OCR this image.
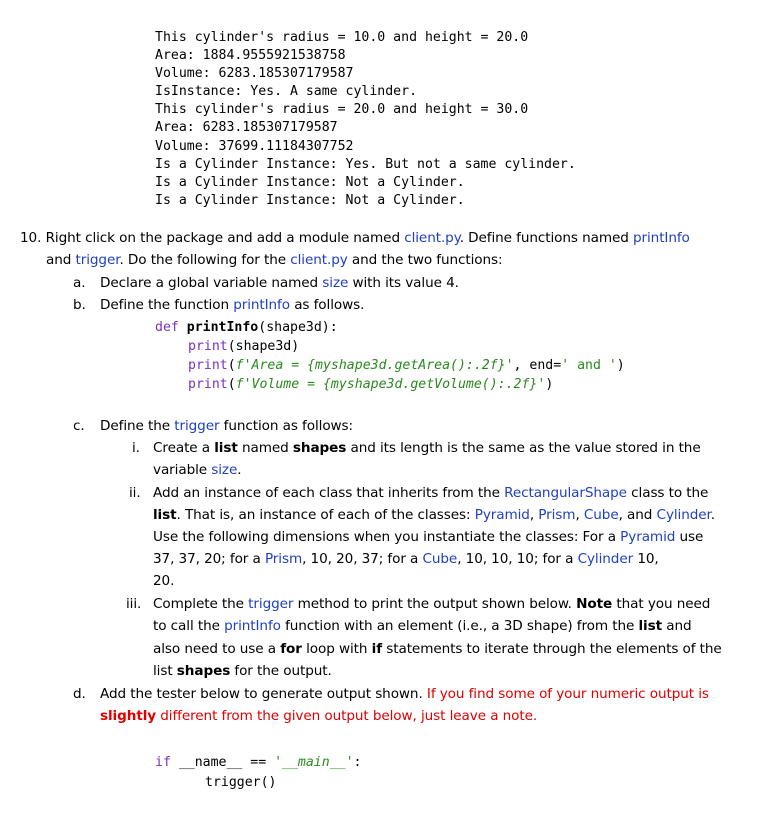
This cylinder's radius = 10.0 and height = 20.0
Area: 1884.9555921538758
Volume: 6283.185307179587
IsInstance: Yes. A same cylinder.
This cylinder's radius = 20.0 and height = 30.0
Area: 6283.185307179587
Volume: 37699.11184307752
Is a Cylinder Instance: Yes. But not a same cylinder.
Is a Cylinder Instance: Not a Cylinder.
Is a Cylinder Instance: Not a Cylinder.
10. Right click on the package and add a module named client.py. Define functions named printInfo
and trigger. Do the following for the client.py and the two functions:
a. Declare a global variable named size with its value 4.
b. Define the function printInfo as follows.
def printInfo(shape3d):
print(shape3d)
print(f'Area = {myshape3d.getArea():.2f}', end=' and ')
print(f'Volume = {myshape3d.getVolume():.2f}')
c. Define the trigger function as follows:
i. Create a list named shapes and its length is the same as the value stored in the
variable size.
ii. Add an instance of each class that inherits from the RectangularShape class to the
list. That is, an instance of each of the classes: Pyramid, Prism, Cube, and Cylinder.
Use the following dimensions when you instantiate the classes: For a Pyramid use
37, 37, 20; for a Prism, 10, 20, 37; for a Cube, 10, 10, 10; for a Cylinder 10,
20.
iii. Complete the trigger method to print the output shown below. Note that you need
to call the printInfo function with an element (i.e., a 3D shape) from the list and
also need to use a for loop with if statements to iterate through the elements of the
list shapes for the output.
d. Add the tester below to generate output shown. If you find some of your numeric output is
slightly different from the given output below, just leave a note.
if __name__ == '__main__':
trigger()
